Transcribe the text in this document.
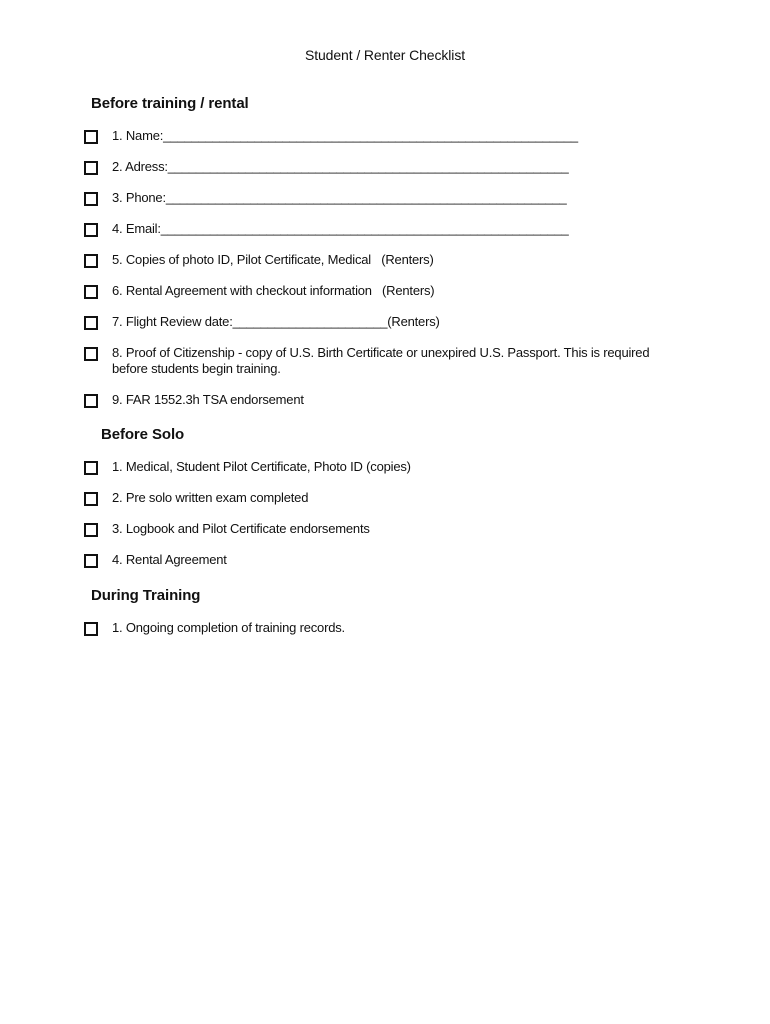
Student / Renter Checklist
Before training / rental
1. Name:___________________________________________________________
2. Adress:_________________________________________________________
3. Phone:_________________________________________________________
4. Email:__________________________________________________________
5. Copies of photo ID, Pilot Certificate, Medical   (Renters)
6. Rental Agreement with checkout information   (Renters)
7. Flight Review date:______________________(Renters)
8. Proof of Citizenship - copy of U.S. Birth Certificate or unexpired U.S. Passport. This is required before students begin training.
9. FAR 1552.3h TSA endorsement
Before Solo
1. Medical, Student Pilot Certificate, Photo ID (copies)
2. Pre solo written exam completed
3. Logbook and Pilot Certificate endorsements
4. Rental Agreement
During Training
1. Ongoing completion of training records.
